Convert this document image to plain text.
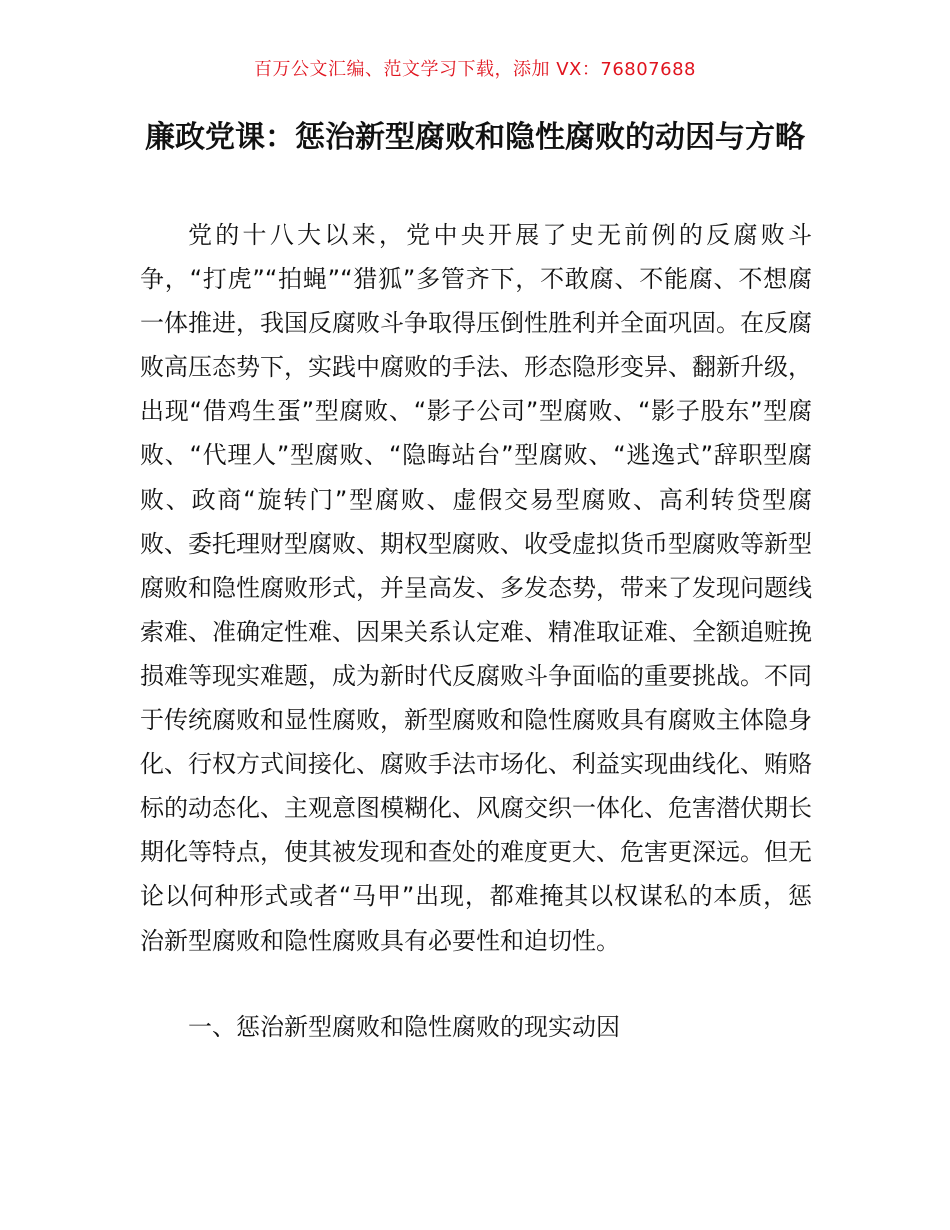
百万公文汇编、范文学习下载，添加 VX：76807688
廉政党课：惩治新型腐败和隐性腐败的动因与方略

党的十八大以来，党中央开展了史无前例的反腐败斗争，“打虎”“拍蝇”“猎狐”多管齐下，不敢腐、不能腐、不想腐一体推进，我国反腐败斗争取得压倒性胜利并全面巩固。在反腐败高压态势下，实践中腐败的手法、形态隐形变异、翻新升级，出现“借鸡生蛋”型腐败、“影子公司”型腐败、“影子股东”型腐败、“代理人”型腐败、“隐晦站台”型腐败、“逃逸式”辞职型腐败、政商“旋转门”型腐败、虚假交易型腐败、高利转贷型腐败、委托理财型腐败、期权型腐败、收受虚拟货币型腐败等新型腐败和隐性腐败形式，并呈高发、多发态势，带来了发现问题线索难、准确定性难、因果关系认定难、精准取证难、全额追赃挽损难等现实难题，成为新时代反腐败斗争面临的重要挑战。不同于传统腐败和显性腐败，新型腐败和隐性腐败具有腐败主体隐身化、行权方式间接化、腐败手法市场化、利益实现曲线化、贿赂标的动态化、主观意图模糊化、风腐交织一体化、危害潜伏期长期化等特点，使其被发现和查处的难度更大、危害更深远。但无论以何种形式或者“马甲”出现，都难掩其以权谋私的本质，惩治新型腐败和隐性腐败具有必要性和迫切性。

一、惩治新型腐败和隐性腐败的现实动因
